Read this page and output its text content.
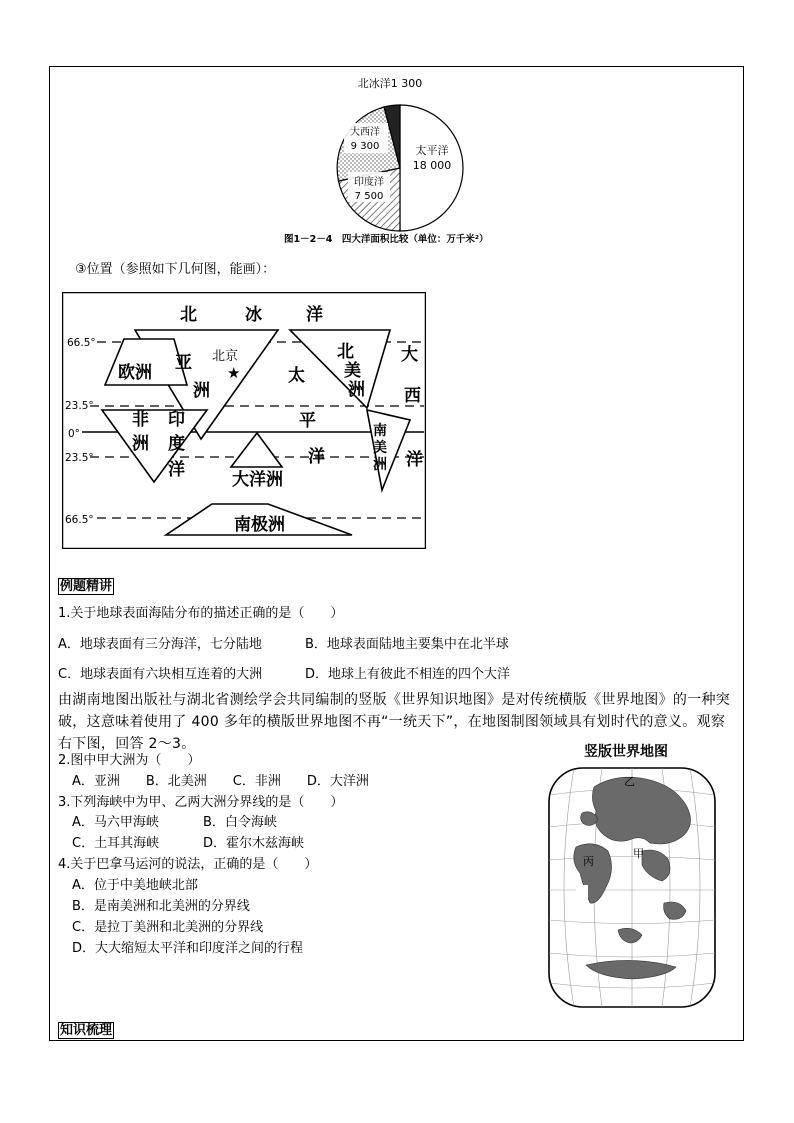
北冰洋1 300
大西洋
9 300	太平洋
18 000
印度洋
7 500
图1－2－4　四大洋面积比较（单位：万千米²）
③位置（参照如下几何图，能画）：
66.5°
23.5°
0°
23.5°
66.5°
北	冰	洋
欧洲 亚
洲
太
平
洋
北
美
洲
大
西
洋
非
洲
印
度
洋	大洋洲
南极洲
南
美
洲
北京
★
例题精讲
1.关于地球表面海陆分布的描述正确的是（　　）
A．地球表面有三分海洋，七分陆地	B．地球表面陆地主要集中在北半球
C．地球表面有六块相互连着的大洲	D．地球上有彼此不相连的四个大洋
由湖南地图出版社与湖北省测绘学会共同编制的竖版《世界知识地图》是对传统横版《世界地图》的一种突破，这意味着使用了 400 多年的横版世界地图不再“一统天下”，在地图制图领域具有划时代的意义。观察右下图，回答 2～3。
2.图中甲大洲为（　　）
A．亚洲　　B．北美洲　　C．非洲　　D．大洋洲
3.下列海峡中为甲、乙两大洲分界线的是（　　）
A．马六甲海峡	B．白令海峡
C．土耳其海峡	D．霍尔木兹海峡
4.关于巴拿马运河的说法，正确的是（　　）
A．位于中美地峡北部
B．是南美洲和北美洲的分界线
C．是拉丁美洲和北美洲的分界线
D．大大缩短太平洋和印度洋之间的行程
竖版世界地图
乙
甲
丙
知识梳理
